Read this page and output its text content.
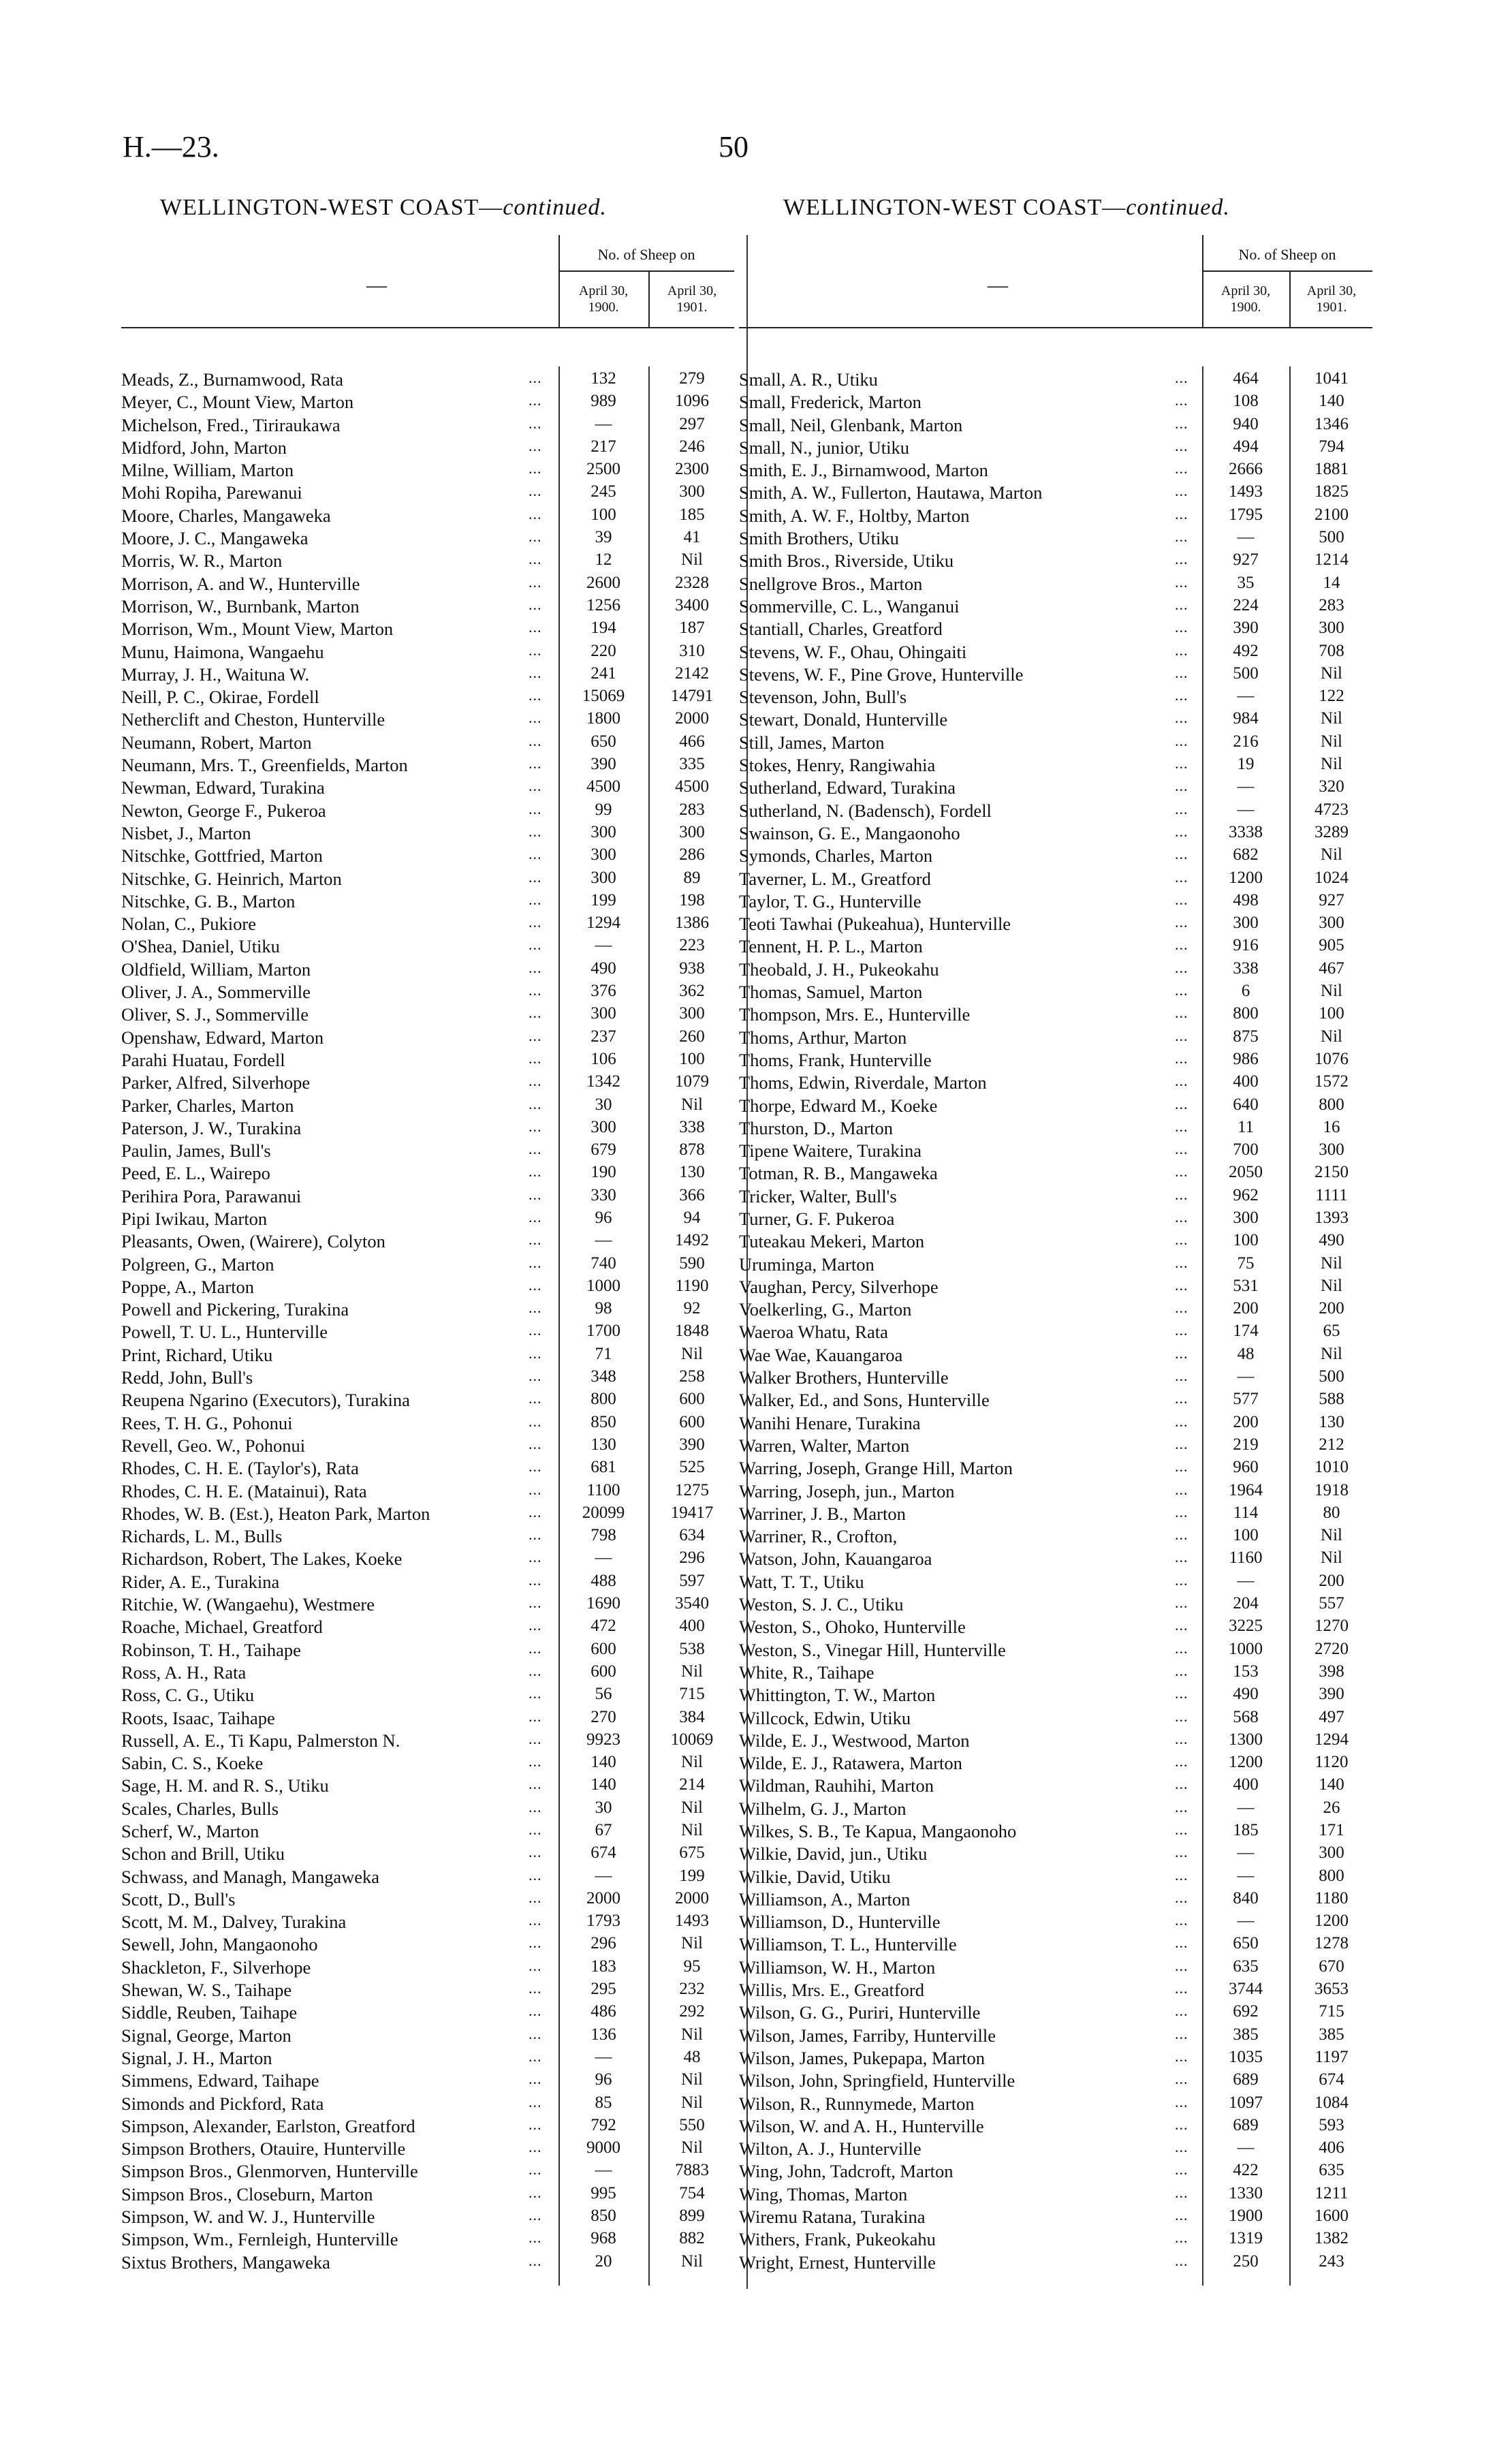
H.—23.	50
WELLINGTON-WEST COAST—continued.	WELLINGTON-WEST COAST—continued.
—
No. of Sheep on
April 30,
1900.
April 30,
1901.
Meads, Z., Burnamwood, Rata	...	132	279
Meyer, C., Mount View, Marton	...	989	1096
Michelson, Fred., Tiriraukawa	...	—	297
Midford, John, Marton	...	217	246
Milne, William, Marton	...	2500	2300
Mohi Ropiha, Parewanui	...	245	300
Moore, Charles, Mangaweka	...	100	185
Moore, J. C., Mangaweka	...	39	41
Morris, W. R., Marton	...	12	Nil
Morrison, A. and W., Hunterville	...	2600	2328
Morrison, W., Burnbank, Marton	...	1256	3400
Morrison, Wm., Mount View, Marton	...	194	187
Munu, Haimona, Wangaehu	...	220	310
Murray, J. H., Waituna W.	...	241	2142
Neill, P. C., Okirae, Fordell	...	15069	14791
Netherclift and Cheston, Hunterville	...	1800	2000
Neumann, Robert, Marton	...	650	466
Neumann, Mrs. T., Greenfields, Marton	...	390	335
Newman, Edward, Turakina	...	4500	4500
Newton, George F., Pukeroa	...	99	283
Nisbet, J., Marton	...	300	300
Nitschke, Gottfried, Marton	...	300	286
Nitschke, G. Heinrich, Marton	...	300	89
Nitschke, G. B., Marton	...	199	198
Nolan, C., Pukiore	...	1294	1386
O'Shea, Daniel, Utiku	...	—	223
Oldfield, William, Marton	...	490	938
Oliver, J. A., Sommerville	...	376	362
Oliver, S. J., Sommerville	...	300	300
Openshaw, Edward, Marton	...	237	260
Parahi Huatau, Fordell	...	106	100
Parker, Alfred, Silverhope	...	1342	1079
Parker, Charles, Marton	...	30	Nil
Paterson, J. W., Turakina	...	300	338
Paulin, James, Bull's	...	679	878
Peed, E. L., Wairepo	...	190	130
Perihira Pora, Parawanui	...	330	366
Pipi Iwikau, Marton	...	96	94
Pleasants, Owen, (Wairere), Colyton	...	—	1492
Polgreen, G., Marton	...	740	590
Poppe, A., Marton	...	1000	1190
Powell and Pickering, Turakina	...	98	92
Powell, T. U. L., Hunterville	...	1700	1848
Print, Richard, Utiku	...	71	Nil
Redd, John, Bull's	...	348	258
Reupena Ngarino (Executors), Turakina	...	800	600
Rees, T. H. G., Pohonui	...	850	600
Revell, Geo. W., Pohonui	...	130	390
Rhodes, C. H. E. (Taylor's), Rata	...	681	525
Rhodes, C. H. E. (Matainui), Rata	...	1100	1275
Rhodes, W. B. (Est.), Heaton Park, Marton	...	20099	19417
Richards, L. M., Bulls	...	798	634
Richardson, Robert, The Lakes, Koeke	...	—	296
Rider, A. E., Turakina	...	488	597
Ritchie, W. (Wangaehu), Westmere	...	1690	3540
Roache, Michael, Greatford	...	472	400
Robinson, T. H., Taihape	...	600	538
Ross, A. H., Rata	...	600	Nil
Ross, C. G., Utiku	...	56	715
Roots, Isaac, Taihape	...	270	384
Russell, A. E., Ti Kapu, Palmerston N.	...	9923	10069
Sabin, C. S., Koeke	...	140	Nil
Sage, H. M. and R. S., Utiku	...	140	214
Scales, Charles, Bulls	...	30	Nil
Scherf, W., Marton	...	67	Nil
Schon and Brill, Utiku	...	674	675
Schwass, and Managh, Mangaweka	...	—	199
Scott, D., Bull's	...	2000	2000
Scott, M. M., Dalvey, Turakina	...	1793	1493
Sewell, John, Mangaonoho	...	296	Nil
Shackleton, F., Silverhope	...	183	95
Shewan, W. S., Taihape	...	295	232
Siddle, Reuben, Taihape	...	486	292
Signal, George, Marton	...	136	Nil
Signal, J. H., Marton	...	—	48
Simmens, Edward, Taihape	...	96	Nil
Simonds and Pickford, Rata	...	85	Nil
Simpson, Alexander, Earlston, Greatford	...	792	550
Simpson Brothers, Otauire, Hunterville	...	9000	Nil
Simpson Bros., Glenmorven, Hunterville	...	—	7883
Simpson Bros., Closeburn, Marton	...	995	754
Simpson, W. and W. J., Hunterville	...	850	899
Simpson, Wm., Fernleigh, Hunterville	...	968	882
Sixtus Brothers, Mangaweka	...	20	Nil
—
No. of Sheep on
April 30,
1900.
April 30,
1901.
Small, A. R., Utiku	...	464	1041
Small, Frederick, Marton	...	108	140
Small, Neil, Glenbank, Marton	...	940	1346
Small, N., junior, Utiku	...	494	794
Smith, E. J., Birnamwood, Marton	...	2666	1881
Smith, A. W., Fullerton, Hautawa, Marton	...	1493	1825
Smith, A. W. F., Holtby, Marton	...	1795	2100
Smith Brothers, Utiku	...	—	500
Smith Bros., Riverside, Utiku	...	927	1214
Snellgrove Bros., Marton	...	35	14
Sommerville, C. L., Wanganui	...	224	283
Stantiall, Charles, Greatford	...	390	300
Stevens, W. F., Ohau, Ohingaiti	...	492	708
Stevens, W. F., Pine Grove, Hunterville	...	500	Nil
Stevenson, John, Bull's	...	—	122
Stewart, Donald, Hunterville	...	984	Nil
Still, James, Marton	...	216	Nil
Stokes, Henry, Rangiwahia	...	19	Nil
Sutherland, Edward, Turakina	...	—	320
Sutherland, N. (Badensch), Fordell	...	—	4723
Swainson, G. E., Mangaonoho	...	3338	3289
Symonds, Charles, Marton	...	682	Nil
Taverner, L. M., Greatford	...	1200	1024
Taylor, T. G., Hunterville	...	498	927
Teoti Tawhai (Pukeahua), Hunterville	...	300	300
Tennent, H. P. L., Marton	...	916	905
Theobald, J. H., Pukeokahu	...	338	467
Thomas, Samuel, Marton	...	6	Nil
Thompson, Mrs. E., Hunterville	...	800	100
Thoms, Arthur, Marton	...	875	Nil
Thoms, Frank, Hunterville	...	986	1076
Thoms, Edwin, Riverdale, Marton	...	400	1572
Thorpe, Edward M., Koeke	...	640	800
Thurston, D., Marton	...	11	16
Tipene Waitere, Turakina	...	700	300
Totman, R. B., Mangaweka	...	2050	2150
Tricker, Walter, Bull's	...	962	1111
Turner, G. F. Pukeroa	...	300	1393
Tuteakau Mekeri, Marton	...	100	490
Uruminga, Marton	...	75	Nil
Vaughan, Percy, Silverhope	...	531	Nil
Voelkerling, G., Marton	...	200	200
Waeroa Whatu, Rata	...	174	65
Wae Wae, Kauangaroa	...	48	Nil
Walker Brothers, Hunterville	...	—	500
Walker, Ed., and Sons, Hunterville	...	577	588
Wanihi Henare, Turakina	...	200	130
Warren, Walter, Marton	...	219	212
Warring, Joseph, Grange Hill, Marton	...	960	1010
Warring, Joseph, jun., Marton	...	1964	1918
Warriner, J. B., Marton	...	114	80
Warriner, R., Crofton,	...	100	Nil
Watson, John, Kauangaroa	...	1160	Nil
Watt, T. T., Utiku	...	—	200
Weston, S. J. C., Utiku	...	204	557
Weston, S., Ohoko, Hunterville	...	3225	1270
Weston, S., Vinegar Hill, Hunterville	...	1000	2720
White, R., Taihape	...	153	398
Whittington, T. W., Marton	...	490	390
Willcock, Edwin, Utiku	...	568	497
Wilde, E. J., Westwood, Marton	...	1300	1294
Wilde, E. J., Ratawera, Marton	...	1200	1120
Wildman, Rauhihi, Marton	...	400	140
Wilhelm, G. J., Marton	...	—	26
Wilkes, S. B., Te Kapua, Mangaonoho	...	185	171
Wilkie, David, jun., Utiku	...	—	300
Wilkie, David, Utiku	...	—	800
Williamson, A., Marton	...	840	1180
Williamson, D., Hunterville	...	—	1200
Williamson, T. L., Hunterville	...	650	1278
Williamson, W. H., Marton	...	635	670
Willis, Mrs. E., Greatford	...	3744	3653
Wilson, G. G., Puriri, Hunterville	...	692	715
Wilson, James, Farriby, Hunterville	...	385	385
Wilson, James, Pukepapa, Marton	...	1035	1197
Wilson, John, Springfield, Hunterville	...	689	674
Wilson, R., Runnymede, Marton	...	1097	1084
Wilson, W. and A. H., Hunterville	...	689	593
Wilton, A. J., Hunterville	...	—	406
Wing, John, Tadcroft, Marton	...	422	635
Wing, Thomas, Marton	...	1330	1211
Wiremu Ratana, Turakina	...	1900	1600
Withers, Frank, Pukeokahu	...	1319	1382
Wright, Ernest, Hunterville	...	250	243
